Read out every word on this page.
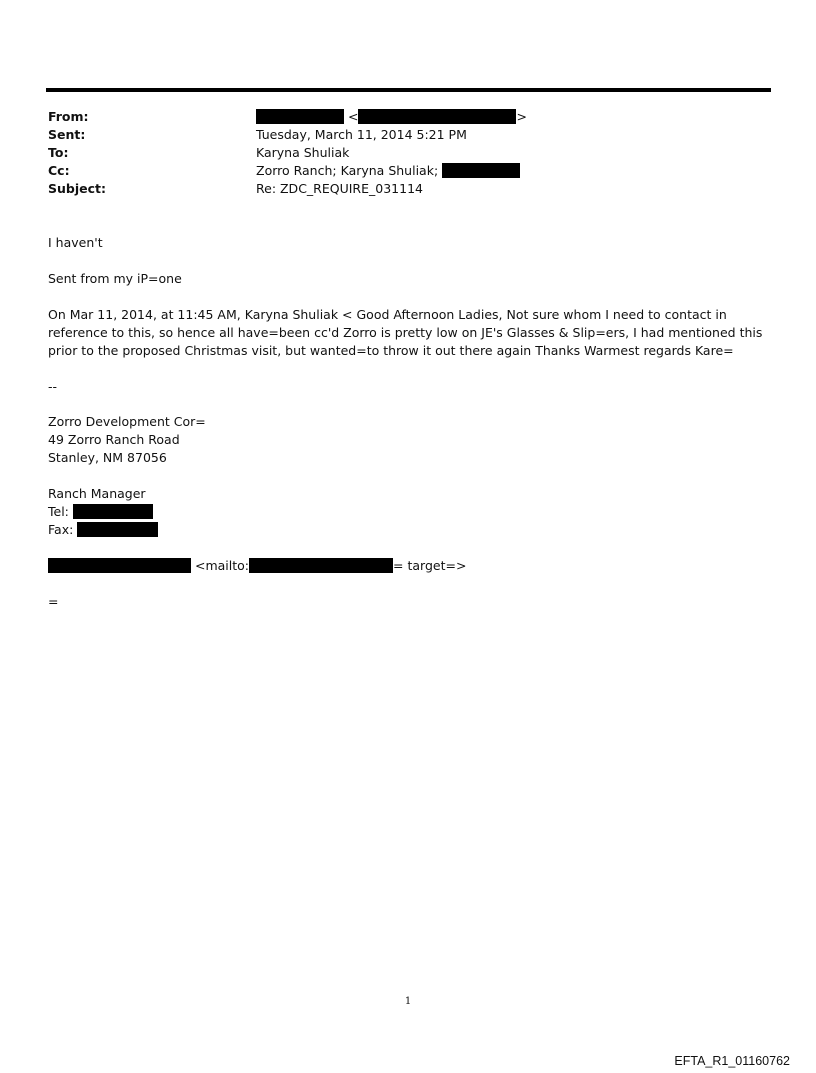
From:	<	>
Sent:	Tuesday, March 11, 2014 5:21 PM
To:	Karyna Shuliak
Cc:	Zorro Ranch; Karyna Shuliak;
Subject:	Re: ZDC_REQUIRE_031114
I haven't
Sent from my iP=one
On Mar 11, 2014, at 11:45 AM, Karyna Shuliak < Good Afternoon Ladies, Not sure whom I need to contact in reference to this, so hence all have=been cc'd Zorro is pretty low on JE's Glasses & Slip=ers, I had mentioned this prior to the proposed Christmas visit, but wanted=to throw it out there again Thanks Warmest regards Kare=
--
Zorro Development Cor=
49 Zorro Ranch Road
Stanley, NM 87056
Ranch Manager
Tel:
Fax:
<mailto:	= target=>
=
1
EFTA_R1_01160762
